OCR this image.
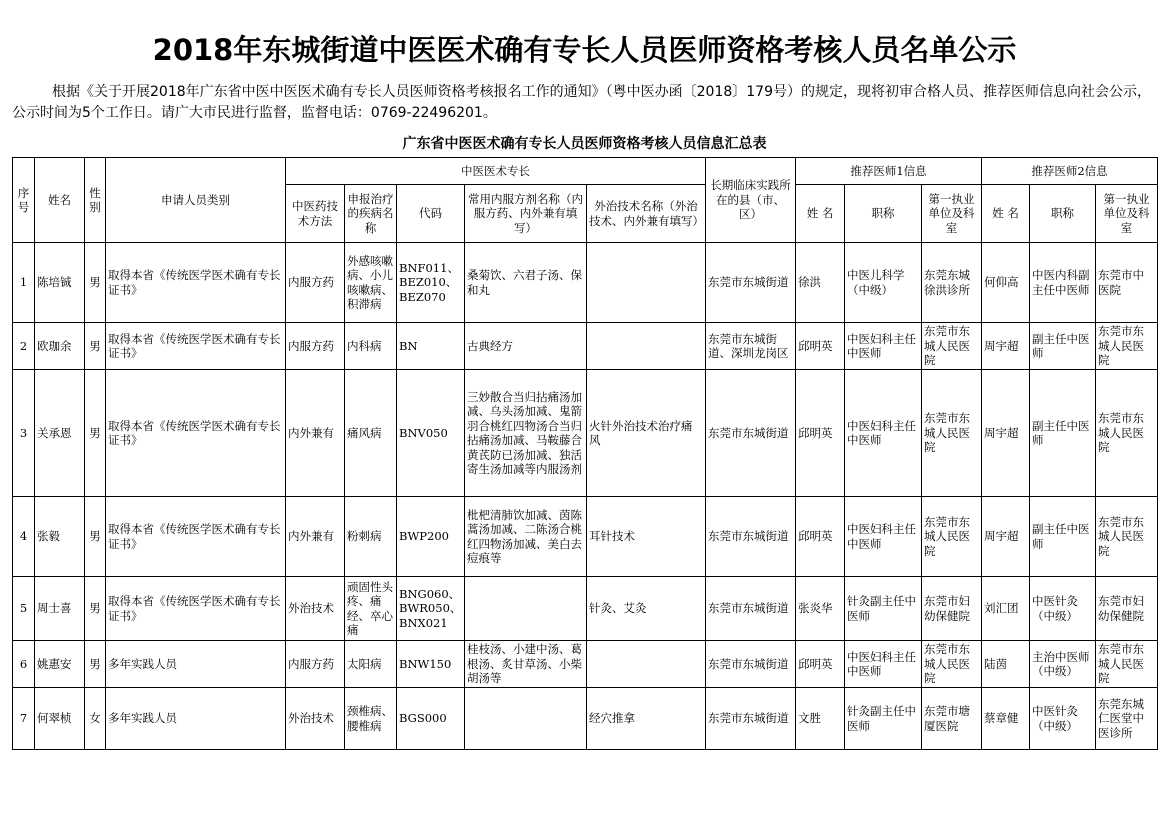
2018年东城街道中医医术确有专长人员医师资格考核人员名单公示
根据《关于开展2018年广东省中医中医医术确有专长人员医师资格考核报名工作的通知》（粤中医办函〔2018〕179号）的规定，现将初审合格人员、推荐医师信息向社会公示，公示时间为5个工作日。请广大市民进行监督，监督电话：0769-22496201。
广东省中医医术确有专长人员医师资格考核人员信息汇总表
序号	姓名	性别	申请人员类别	中医医术专长					长期临床实践所在的县（市、区）	推荐医师1信息			推荐医师2信息		
				中医药技术方法	申报治疗的疾病名称	代码	常用内服方剂名称（内服方药、内外兼有填写）	外治技术名称（外治技术、内外兼有填写）		姓 名	职称	第一执业单位及科室	姓 名	职称	第一执业单位及科室

1	陈培铖	男	取得本省《传统医学医术确有专长证书》	内服方药	外感咳嗽病、小儿咳嗽病、积滞病	BNF011、BEZ010、BEZ070	桑菊饮、六君子汤、保和丸		东莞市东城街道	徐洪	中医儿科学（中级）	东莞东城徐洪诊所	何仰高	中医内科副主任中医师	东莞市中医院

2	欧珈余	男	取得本省《传统医学医术确有专长证书》	内服方药	内科病	BN	古典经方		东莞市东城街道、深圳龙岗区	邱明英	中医妇科主任中医师	东莞市东城人民医院	周宇超	副主任中医师	东莞市东城人民医院

3	关承恩	男	取得本省《传统医学医术确有专长证书》	内外兼有	痛风病	BNV050	三妙散合当归拈痛汤加减、乌头汤加减、鬼箭羽合桃红四物汤合当归拈痛汤加减、马鞍藤合黄芪防已汤加减、独活寄生汤加减等内服汤剂	火针外治技术治疗痛风	东莞市东城街道	邱明英	中医妇科主任中医师	东莞市东城人民医院	周宇超	副主任中医师	东莞市东城人民医院

4	张毅	男	取得本省《传统医学医术确有专长证书》	内外兼有	粉刺病	BWP200	枇杷清肺饮加减、茵陈蒿汤加减、二陈汤合桃红四物汤加减、美白去痘痕等	耳针技术	东莞市东城街道	邱明英	中医妇科主任中医师	东莞市东城人民医院	周宇超	副主任中医师	东莞市东城人民医院

5	周士喜	男	取得本省《传统医学医术确有专长证书》	外治技术	顽固性头疼、痛经、卒心痛	BNG060、BWR050、BNX021		针灸、艾灸	东莞市东城街道	张炎华	针灸副主任中医师	东莞市妇幼保健院	刘汇团	中医针灸（中级）	东莞市妇幼保健院

6	姚惠安	男	多年实践人员	内服方药	太阳病	BNW150	桂枝汤、小建中汤、葛根汤、炙甘草汤、小柴胡汤等		东莞市东城街道	邱明英	中医妇科主任中医师	东莞市东城人民医院	陆茵	主治中医师（中级）	东莞市东城人民医院

7	何翠桢	女	多年实践人员	外治技术	颈椎病、腰椎病	BGS000		经穴推拿	东莞市东城街道	文胜	针灸副主任中医师	东莞市塘厦医院	蔡章健	中医针灸（中级）	东莞东城仁医堂中医诊所
